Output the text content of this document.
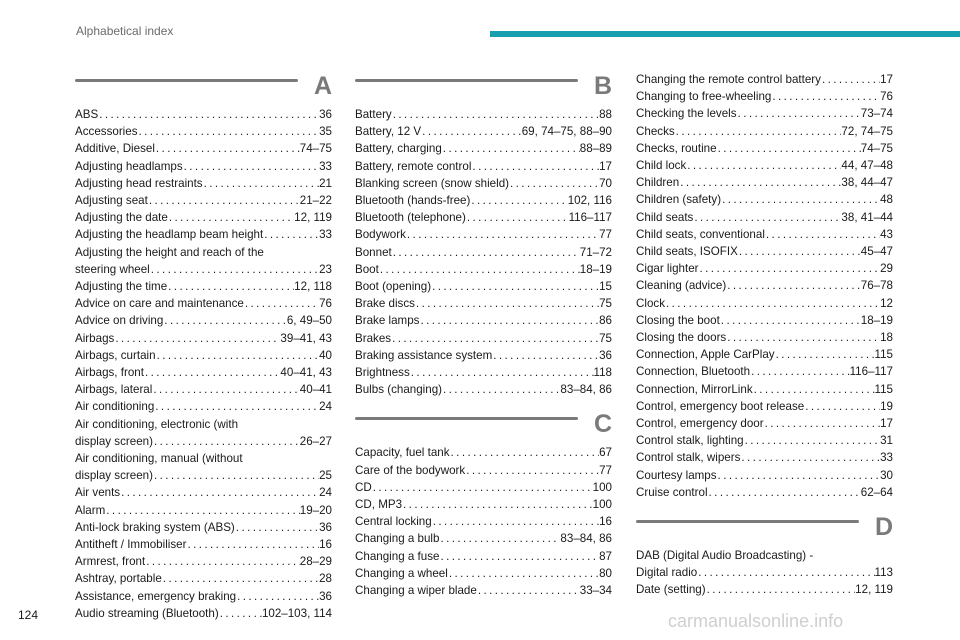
Alphabetical index
A
ABS . . .	36
Accessories . . .	35
Additive, Diesel . . .	74–75
Adjusting headlamps . . .	33
Adjusting head restraints . . .	21
Adjusting seat . . .	21–22
Adjusting the date . . .	12, 119
Adjusting the headlamp beam height . . .	33
Adjusting the height and reach of the
steering wheel . . .	23
Adjusting the time . . .	12, 118
Advice on care and maintenance . . .	76
Advice on driving . . .	6, 49–50
Airbags . . .	39–41, 43
Airbags, curtain . . .	40
Airbags, front . . .	40–41, 43
Airbags, lateral . . .	40–41
Air conditioning . . .	24
Air conditioning, electronic (with
display screen) . . .	26–27
Air conditioning, manual (without
display screen) . . .	25
Air vents . . .	24
Alarm . . .	19–20
Anti-lock braking system (ABS) . . .	36
Antitheft / Immobiliser . . .	16
Armrest, front . . .	28–29
Ashtray, portable . . .	28
Assistance, emergency braking . . .	36
Audio streaming (Bluetooth) . . .	102–103, 114
B
Battery . . .	88
Battery, 12 V . . .	69, 74–75, 88–90
Battery, charging . . .	88–89
Battery, remote control . . .	17
Blanking screen (snow shield) . . .	70
Bluetooth (hands-free) . . .	102, 116
Bluetooth (telephone) . . .	116–117
Bodywork . . .	77
Bonnet . . .	71–72
Boot . . .	18–19
Boot (opening) . . .	15
Brake discs . . .	75
Brake lamps . . .	86
Brakes . . .	75
Braking assistance system . . .	36
Brightness . . .	118
Bulbs (changing) . . .	83–84, 86
C
Capacity, fuel tank . . .	67
Care of the bodywork . . .	77
CD . . .	100
CD, MP3 . . .	100
Central locking . . .	16
Changing a bulb . . .	83–84, 86
Changing a fuse . . .	87
Changing a wheel . . .	80
Changing a wiper blade . . .	33–34
Changing the remote control battery . . .	17
Changing to free-wheeling . . .	76
Checking the levels . . .	73–74
Checks . . .	72, 74–75
Checks, routine . . .	74–75
Child lock . . .	44, 47–48
Children . . .	38, 44–47
Children (safety) . . .	48
Child seats . . .	38, 41–44
Child seats, conventional . . .	43
Child seats, ISOFIX . . .	45–47
Cigar lighter . . .	29
Cleaning (advice) . . .	76–78
Clock . . .	12
Closing the boot . . .	18–19
Closing the doors . . .	18
Connection, Apple CarPlay . . .	115
Connection, Bluetooth . . .	116–117
Connection, MirrorLink . . .	115
Control, emergency boot release . . .	19
Control, emergency door . . .	17
Control stalk, lighting . . .	31
Control stalk, wipers . . .	33
Courtesy lamps . . .	30
Cruise control . . .	62–64
D
DAB (Digital Audio Broadcasting) -
Digital radio . . .	113
Date (setting) . . .	12, 119
124	carmanualsonline.info
